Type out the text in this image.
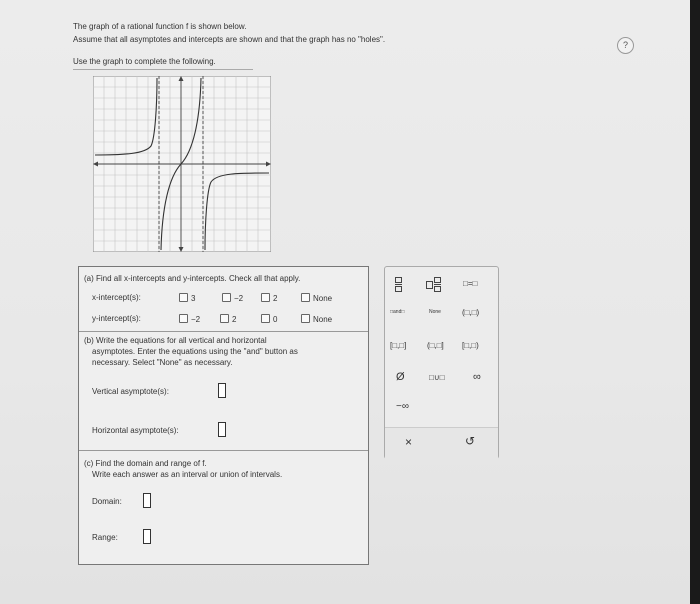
The graph of a rational function f is shown below.
Assume that all asymptotes and intercepts are shown and that the graph has no "holes".
Use the graph to complete the following.
?
(a) Find all x-intercepts and y-intercepts. Check all that apply.
x-intercept(s):	3	−2	2	None
y-intercept(s):	−2	2	0	None
(b) Write the equations for all vertical and horizontal
asymptotes. Enter the equations using the "and" button as
necessary. Select "None" as necessary.
Vertical asymptote(s):
Horizontal asymptote(s):
(c) Find the domain and range of f.
Write each answer as an interval or union of intervals.
Domain:
Range:
□=□
□and□	None	(□,□)
[□,□]	(□,□] [□,□)
Ø	□∪□	∞
−∞
×	↺
